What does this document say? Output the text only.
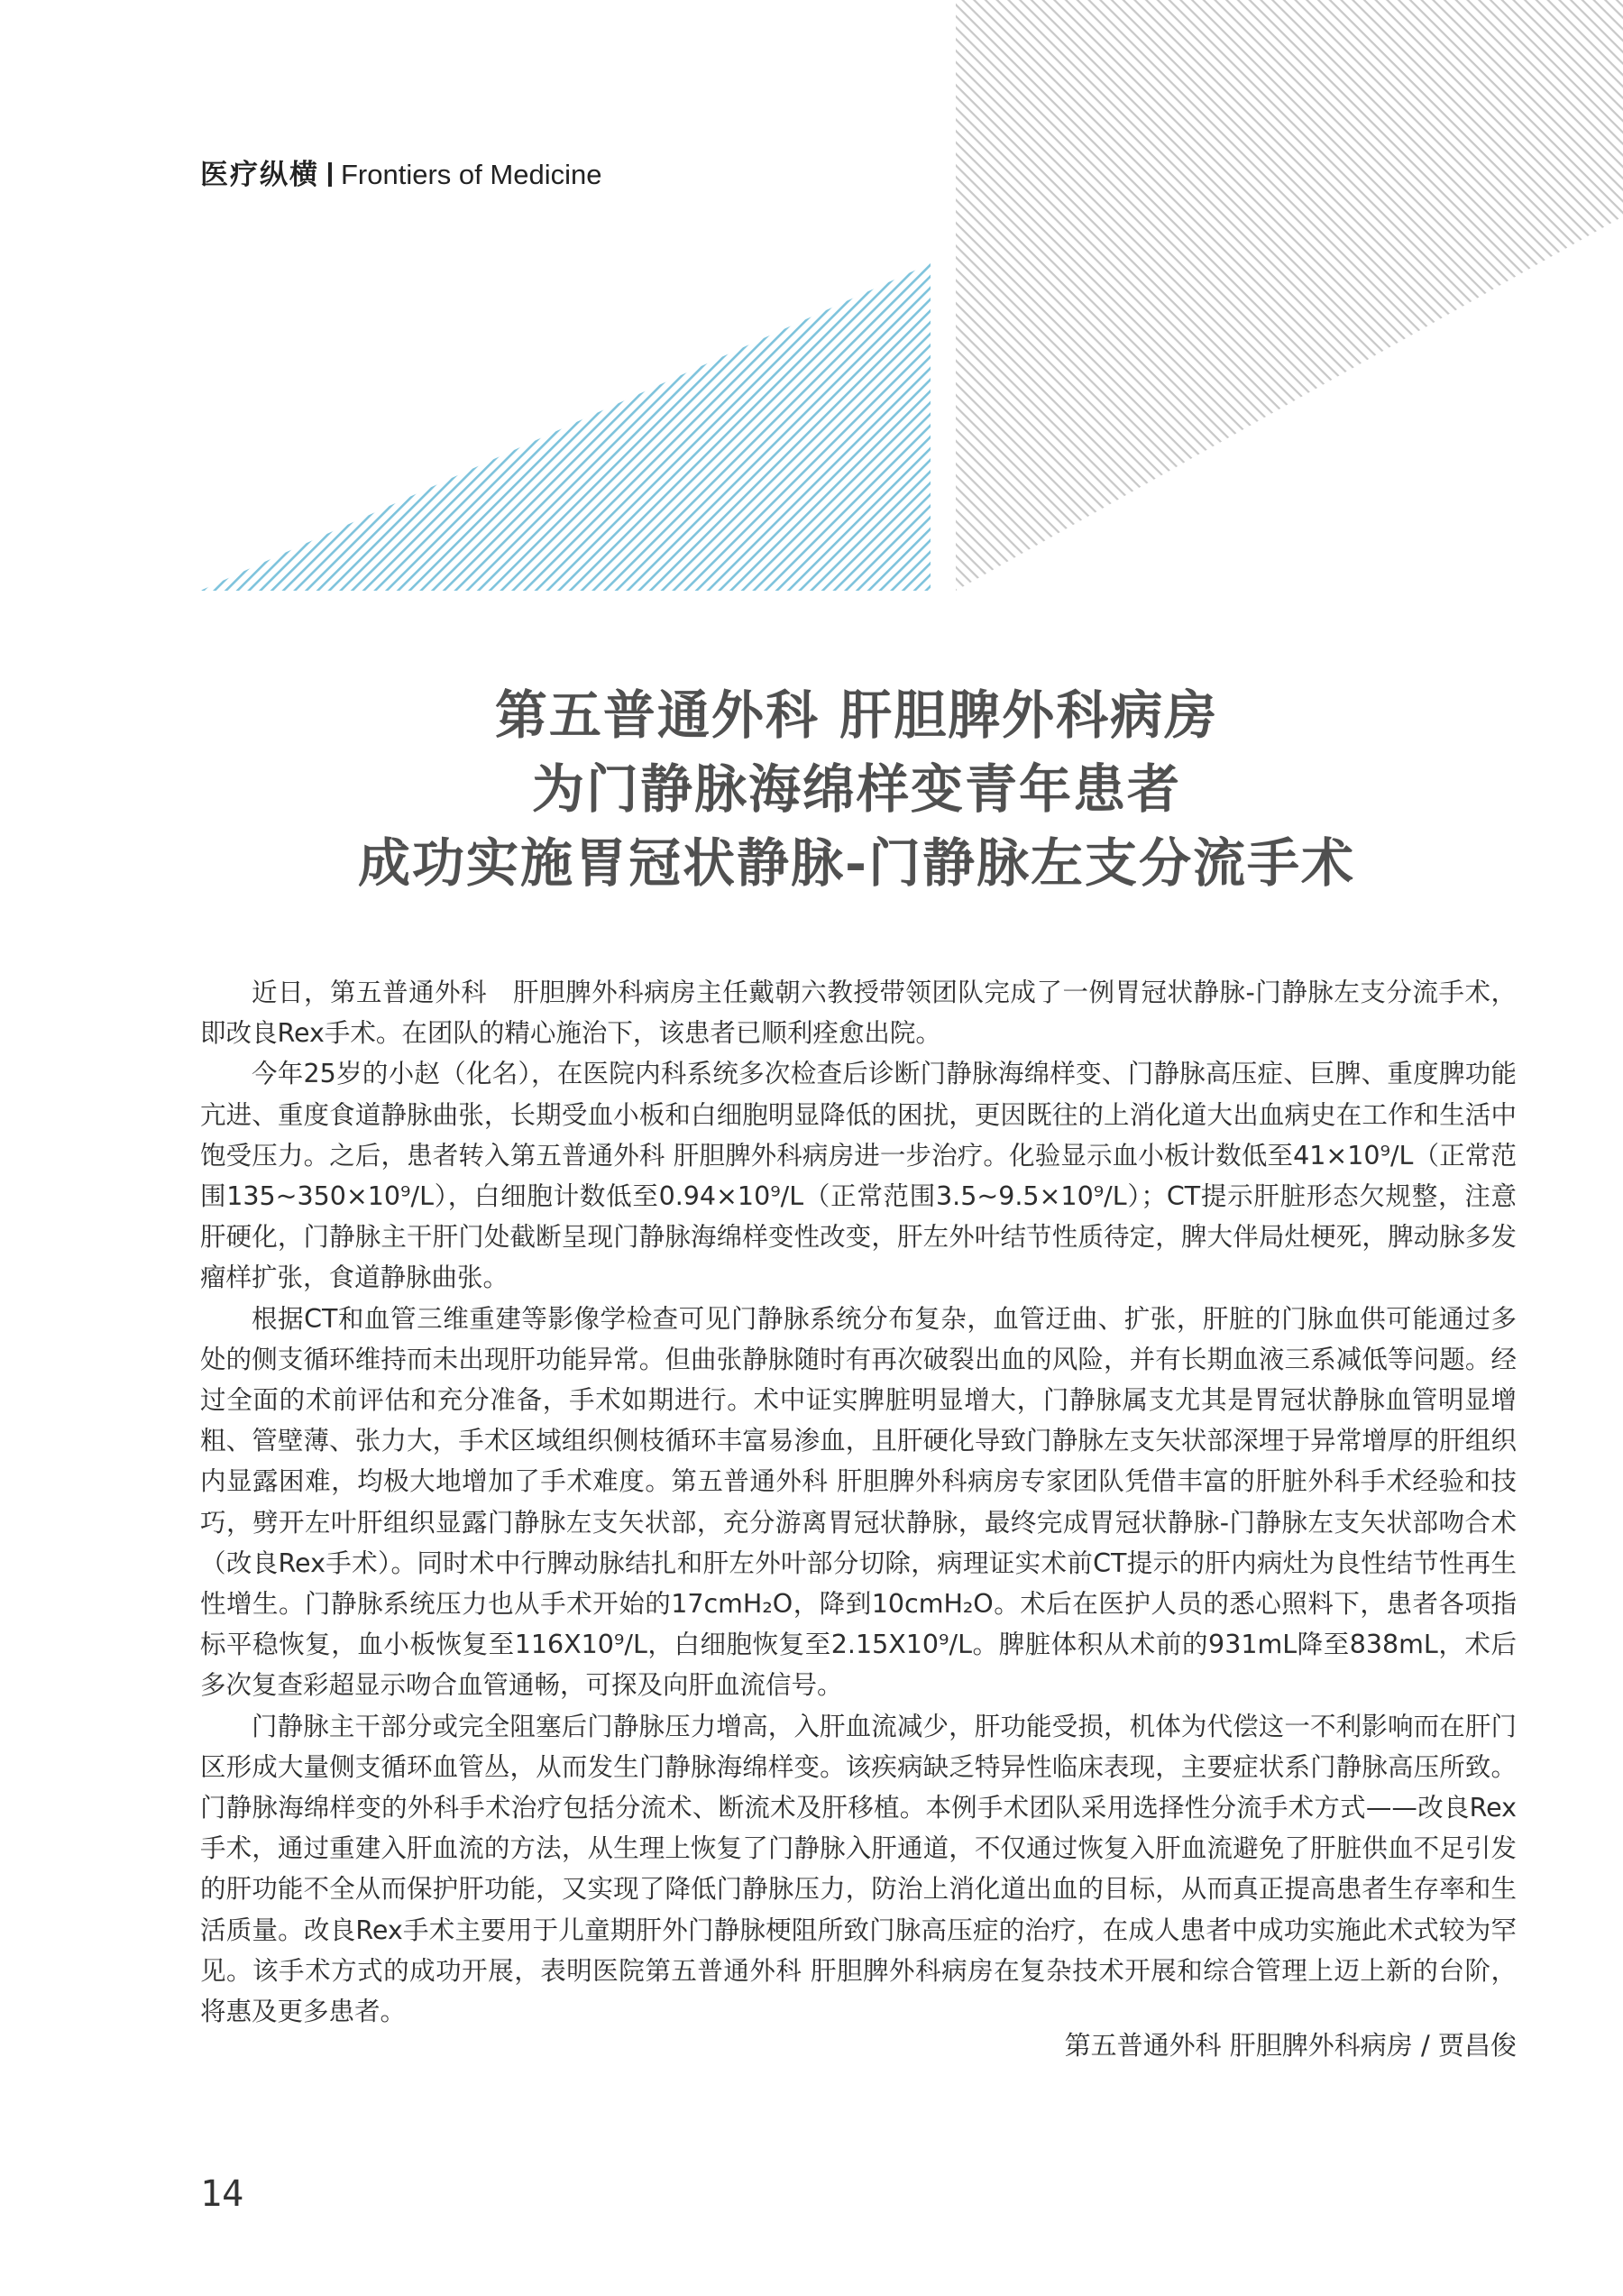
医疗纵横 Frontiers of Medicine
第五普通外科 肝胆脾外科病房
为门静脉海绵样变青年患者
成功实施胃冠状静脉-门静脉左支分流手术

近日，第五普通外科　肝胆脾外科病房主任戴朝六教授带领团队完成了一例胃冠状静脉-门静脉左支分流手术，即改良Rex手术。在团队的精心施治下，该患者已顺利痊愈出院。

今年25岁的小赵（化名），在医院内科系统多次检查后诊断门静脉海绵样变、门静脉高压症、巨脾、重度脾功能亢进、重度食道静脉曲张，长期受血小板和白细胞明显降低的困扰，更因既往的上消化道大出血病史在工作和生活中饱受压力。之后，患者转入第五普通外科 肝胆脾外科病房进一步治疗。化验显示血小板计数低至41×10⁹/L（正常范围135~350×10⁹/L），白细胞计数低至0.94×10⁹/L（正常范围3.5~9.5×10⁹/L）；CT提示肝脏形态欠规整，注意肝硬化，门静脉主干肝门处截断呈现门静脉海绵样变性改变，肝左外叶结节性质待定，脾大伴局灶梗死，脾动脉多发瘤样扩张，食道静脉曲张。

根据CT和血管三维重建等影像学检查可见门静脉系统分布复杂，血管迂曲、扩张，肝脏的门脉血供可能通过多处的侧支循环维持而未出现肝功能异常。但曲张静脉随时有再次破裂出血的风险，并有长期血液三系减低等问题。经过全面的术前评估和充分准备，手术如期进行。术中证实脾脏明显增大，门静脉属支尤其是胃冠状静脉血管明显增粗、管壁薄、张力大，手术区域组织侧枝循环丰富易渗血，且肝硬化导致门静脉左支矢状部深埋于异常增厚的肝组织内显露困难，均极大地增加了手术难度。第五普通外科 肝胆脾外科病房专家团队凭借丰富的肝脏外科手术经验和技巧，劈开左叶肝组织显露门静脉左支矢状部，充分游离胃冠状静脉，最终完成胃冠状静脉-门静脉左支矢状部吻合术（改良Rex手术）。同时术中行脾动脉结扎和肝左外叶部分切除，病理证实术前CT提示的肝内病灶为良性结节性再生性增生。门静脉系统压力也从手术开始的17cmH₂O，降到10cmH₂O。术后在医护人员的悉心照料下，患者各项指标平稳恢复，血小板恢复至116X10⁹/L，白细胞恢复至2.15X10⁹/L。脾脏体积从术前的931mL降至838mL，术后多次复查彩超显示吻合血管通畅，可探及向肝血流信号。

门静脉主干部分或完全阻塞后门静脉压力增高，入肝血流减少，肝功能受损，机体为代偿这一不利影响而在肝门区形成大量侧支循环血管丛，从而发生门静脉海绵样变。该疾病缺乏特异性临床表现，主要症状系门静脉高压所致。门静脉海绵样变的外科手术治疗包括分流术、断流术及肝移植。本例手术团队采用选择性分流手术方式——改良Rex手术，通过重建入肝血流的方法，从生理上恢复了门静脉入肝通道，不仅通过恢复入肝血流避免了肝脏供血不足引发的肝功能不全从而保护肝功能，又实现了降低门静脉压力，防治上消化道出血的目标，从而真正提高患者生存率和生活质量。改良Rex手术主要用于儿童期肝外门静脉梗阻所致门脉高压症的治疗，在成人患者中成功实施此术式较为罕见。该手术方式的成功开展，表明医院第五普通外科 肝胆脾外科病房在复杂技术开展和综合管理上迈上新的台阶，将惠及更多患者。

第五普通外科 肝胆脾外科病房 / 贾昌俊
14
